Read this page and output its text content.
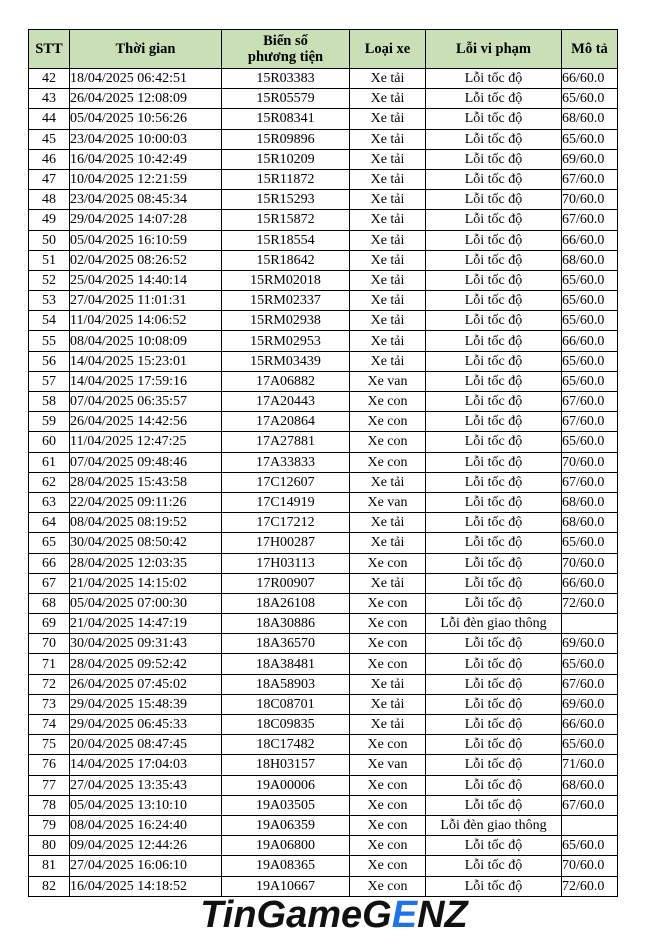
STT	Thời gian	Biển số
phương tiện	Loại xe	Lỗi vi phạm	Mô tả
42	18/04/2025 06:42:51	15R03383	Xe tải	Lỗi tốc độ	66/60.0
43	26/04/2025 12:08:09	15R05579	Xe tải	Lỗi tốc độ	65/60.0
44	05/04/2025 10:56:26	15R08341	Xe tải	Lỗi tốc độ	68/60.0
45	23/04/2025 10:00:03	15R09896	Xe tải	Lỗi tốc độ	65/60.0
46	16/04/2025 10:42:49	15R10209	Xe tải	Lỗi tốc độ	69/60.0
47	10/04/2025 12:21:59	15R11872	Xe tải	Lỗi tốc độ	67/60.0
48	23/04/2025 08:45:34	15R15293	Xe tải	Lỗi tốc độ	70/60.0
49	29/04/2025 14:07:28	15R15872	Xe tải	Lỗi tốc độ	67/60.0
50	05/04/2025 16:10:59	15R18554	Xe tải	Lỗi tốc độ	66/60.0
51	02/04/2025 08:26:52	15R18642	Xe tải	Lỗi tốc độ	68/60.0
52	25/04/2025 14:40:14	15RM02018	Xe tải	Lỗi tốc độ	65/60.0
53	27/04/2025 11:01:31	15RM02337	Xe tải	Lỗi tốc độ	65/60.0
54	11/04/2025 14:06:52	15RM02938	Xe tải	Lỗi tốc độ	65/60.0
55	08/04/2025 10:08:09	15RM02953	Xe tải	Lỗi tốc độ	66/60.0
56	14/04/2025 15:23:01	15RM03439	Xe tải	Lỗi tốc độ	65/60.0
57	14/04/2025 17:59:16	17A06882	Xe van	Lỗi tốc độ	65/60.0
58	07/04/2025 06:35:57	17A20443	Xe con	Lỗi tốc độ	67/60.0
59	26/04/2025 14:42:56	17A20864	Xe con	Lỗi tốc độ	67/60.0
60	11/04/2025 12:47:25	17A27881	Xe con	Lỗi tốc độ	65/60.0
61	07/04/2025 09:48:46	17A33833	Xe con	Lỗi tốc độ	70/60.0
62	28/04/2025 15:43:58	17C12607	Xe tải	Lỗi tốc độ	67/60.0
63	22/04/2025 09:11:26	17C14919	Xe van	Lỗi tốc độ	68/60.0
64	08/04/2025 08:19:52	17C17212	Xe tải	Lỗi tốc độ	68/60.0
65	30/04/2025 08:50:42	17H00287	Xe tải	Lỗi tốc độ	65/60.0
66	28/04/2025 12:03:35	17H03113	Xe con	Lỗi tốc độ	70/60.0
67	21/04/2025 14:15:02	17R00907	Xe tải	Lỗi tốc độ	66/60.0
68	05/04/2025 07:00:30	18A26108	Xe con	Lỗi tốc độ	72/60.0
69	21/04/2025 14:47:19	18A30886	Xe con	Lỗi đèn giao thông	
70	30/04/2025 09:31:43	18A36570	Xe con	Lỗi tốc độ	69/60.0
71	28/04/2025 09:52:42	18A38481	Xe con	Lỗi tốc độ	65/60.0
72	26/04/2025 07:45:02	18A58903	Xe tải	Lỗi tốc độ	67/60.0
73	29/04/2025 15:48:39	18C08701	Xe tải	Lỗi tốc độ	69/60.0
74	29/04/2025 06:45:33	18C09835	Xe tải	Lỗi tốc độ	66/60.0
75	20/04/2025 08:47:45	18C17482	Xe con	Lỗi tốc độ	65/60.0
76	14/04/2025 17:04:03	18H03157	Xe van	Lỗi tốc độ	71/60.0
77	27/04/2025 13:35:43	19A00006	Xe con	Lỗi tốc độ	68/60.0
78	05/04/2025 13:10:10	19A03505	Xe con	Lỗi tốc độ	67/60.0
79	08/04/2025 16:24:40	19A06359	Xe con	Lỗi đèn giao thông	
80	09/04/2025 12:44:26	19A06800	Xe con	Lỗi tốc độ	65/60.0
81	27/04/2025 16:06:10	19A08365	Xe con	Lỗi tốc độ	70/60.0
82	16/04/2025 14:18:52	19A10667	Xe con	Lỗi tốc độ	72/60.0
TinGameGENZ
